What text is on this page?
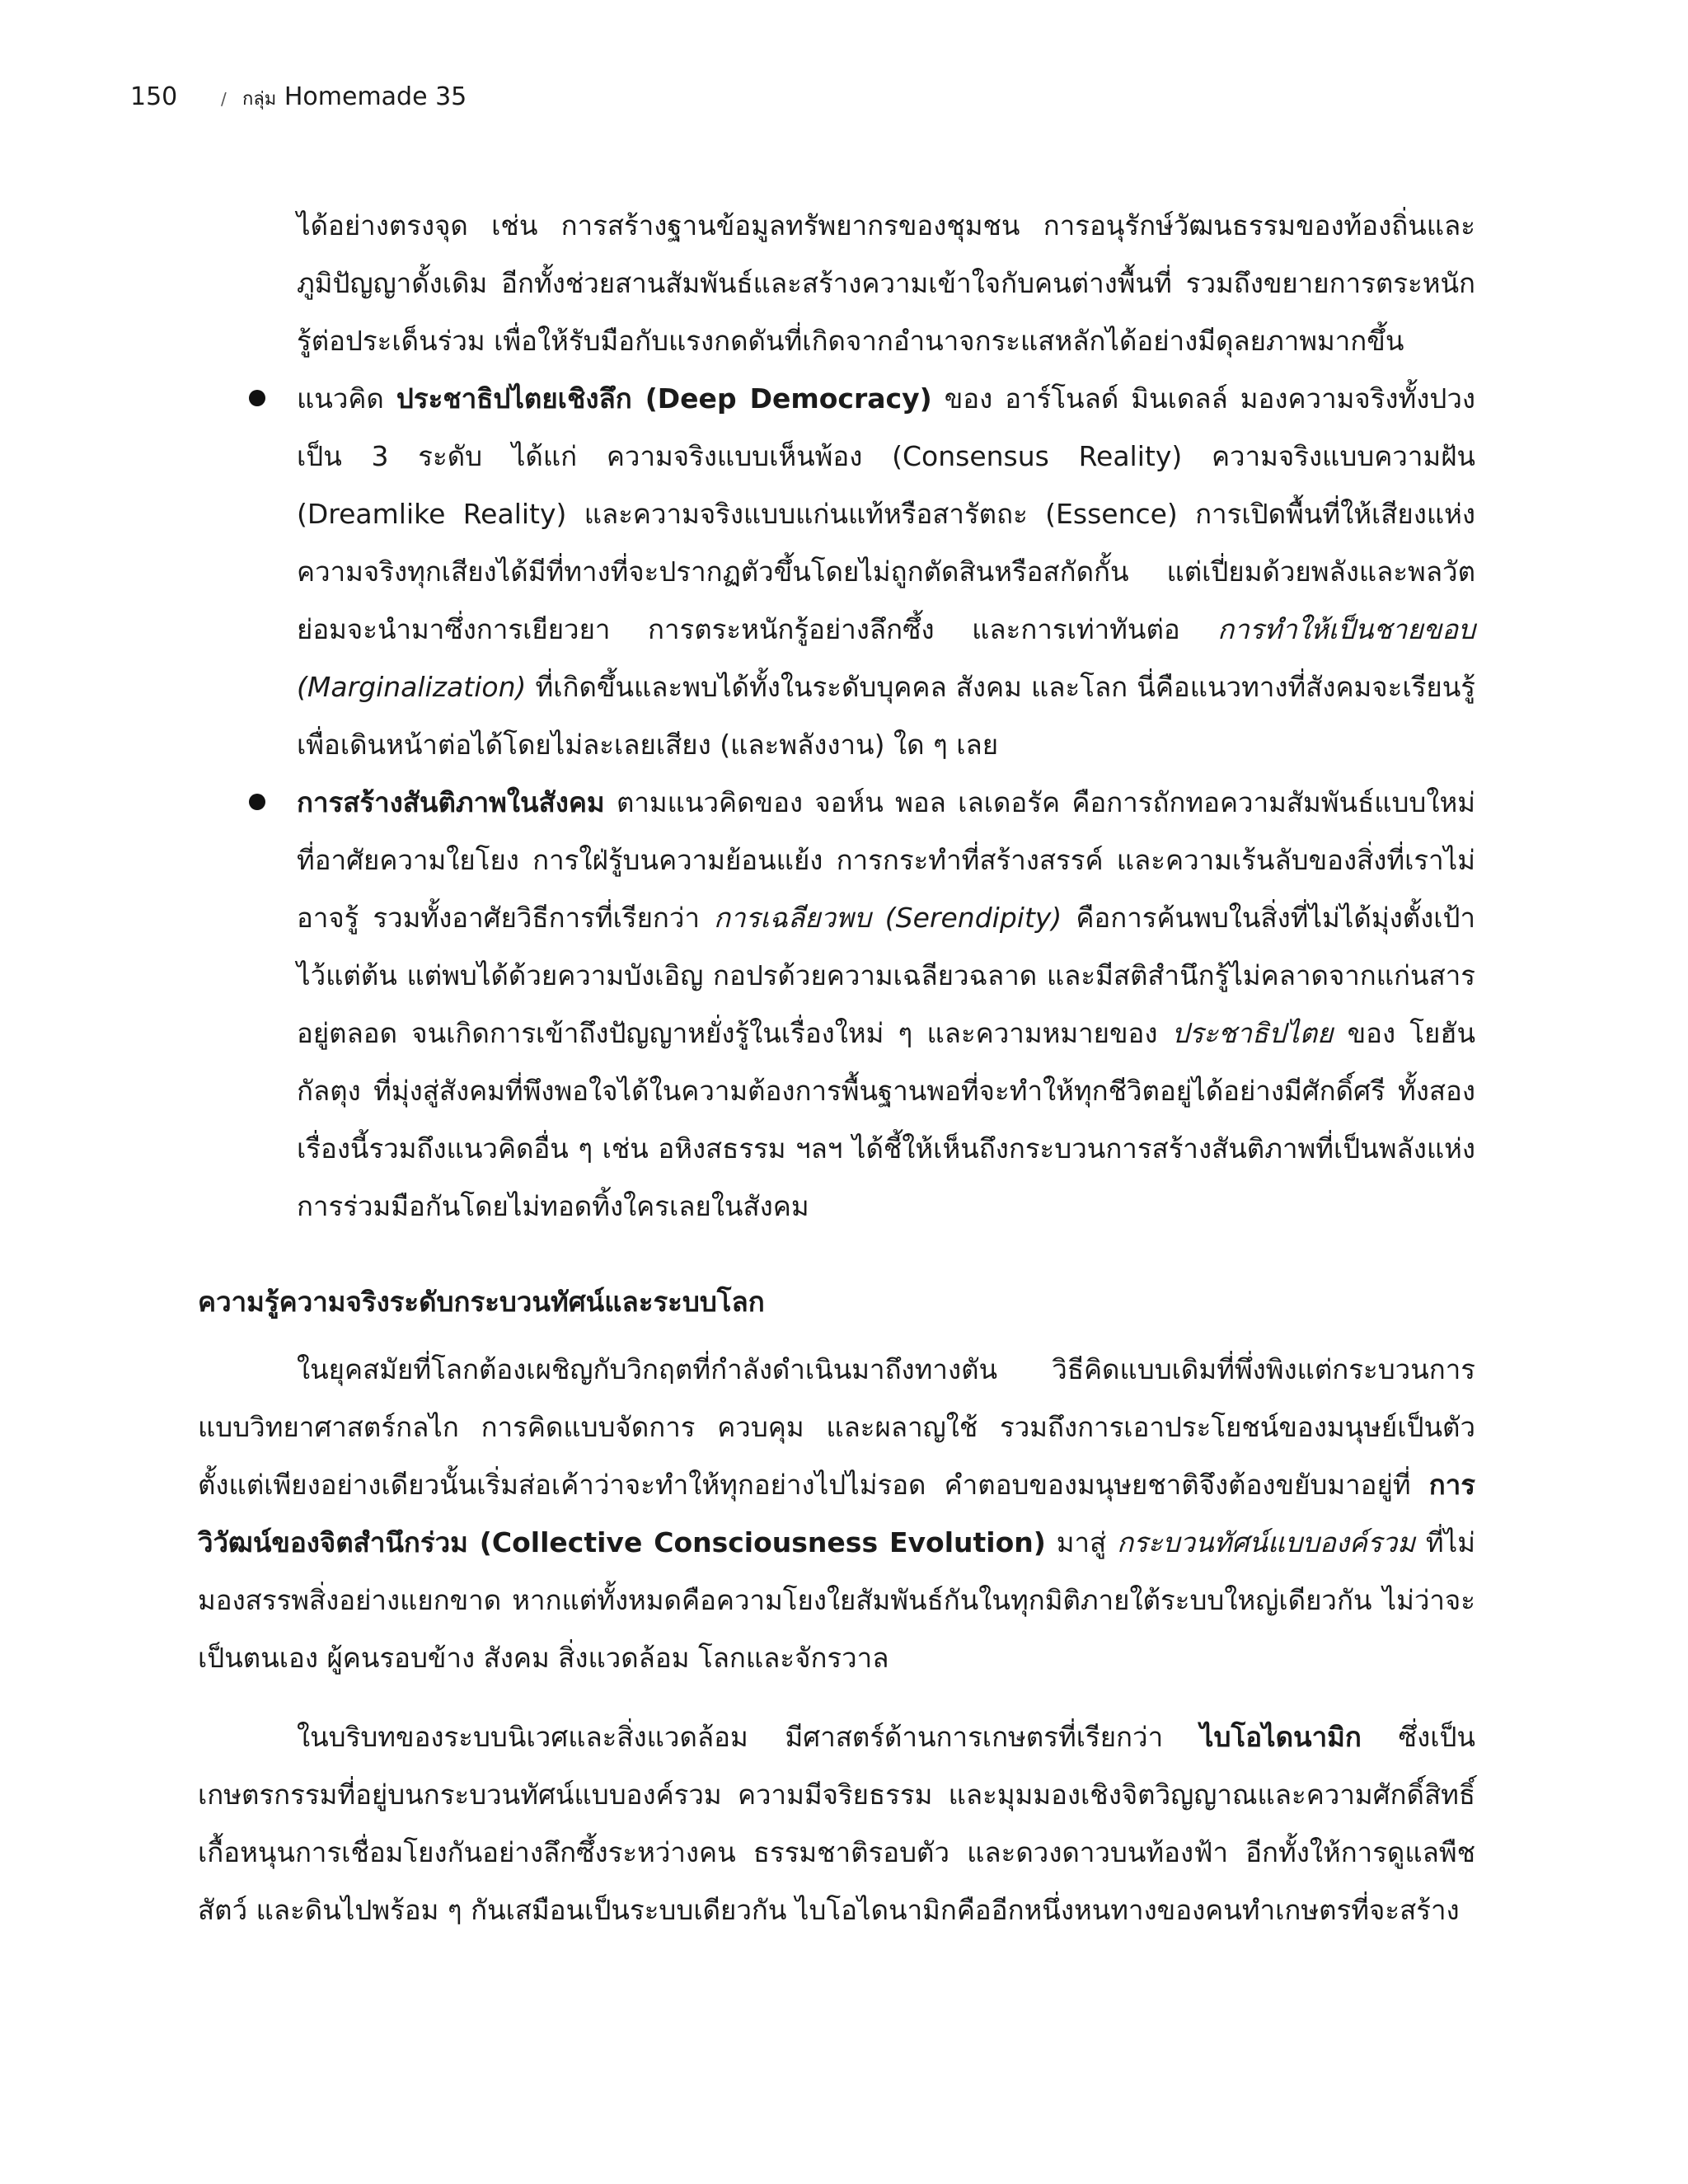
150	/ กลุ่ม Homemade 35

ได้อย่างตรงจุด เช่น การสร้างฐานข้อมูลทรัพยากรของชุมชน การอนุรักษ์วัฒนธรรมของท้องถิ่นและภูมิปัญญาดั้งเดิม อีกทั้งช่วยสานสัมพันธ์และสร้างความเข้าใจกับคนต่างพื้นที่ รวมถึงขยายการตระหนักรู้ต่อประเด็นร่วม เพื่อให้รับมือกับแรงกดดันที่เกิดจากอำนาจกระแสหลักได้อย่างมีดุลยภาพมากขึ้น

แนวคิด ประชาธิปไตยเชิงลึก (Deep Democracy) ของ อาร์โนลด์ มินเดลล์ มองความจริงทั้งปวงเป็น 3 ระดับ ได้แก่ ความจริงแบบเห็นพ้อง (Consensus Reality) ความจริงแบบความฝัน (Dreamlike Reality) และความจริงแบบแก่นแท้หรือสารัตถะ (Essence) การเปิดพื้นที่ให้เสียงแห่งความจริงทุกเสียงได้มีที่ทางที่จะปรากฏตัวขึ้นโดยไม่ถูกตัดสินหรือสกัดกั้น แต่เปี่ยมด้วยพลังและพลวัต ย่อมจะนำมาซึ่งการเยียวยา การตระหนักรู้อย่างลึกซึ้ง และการเท่าทันต่อ การทำให้เป็นชายขอบ (Marginalization) ที่เกิดขึ้นและพบได้ทั้งในระดับบุคคล สังคม และโลก นี่คือแนวทางที่สังคมจะเรียนรู้เพื่อเดินหน้าต่อได้โดยไม่ละเลยเสียง (และพลังงาน) ใด ๆ เลย
การสร้างสันติภาพในสังคม ตามแนวคิดของ จอห์น พอล เลเดอรัค คือการถักทอความสัมพันธ์แบบใหม่ที่อาศัยความใยโยง การใฝ่รู้บนความย้อนแย้ง การกระทำที่สร้างสรรค์ และความเร้นลับของสิ่งที่เราไม่อาจรู้ รวมทั้งอาศัยวิธีการที่เรียกว่า การเฉลียวพบ (Serendipity) คือการค้นพบในสิ่งที่ไม่ได้มุ่งตั้งเป้าไว้แต่ต้น แต่พบได้ด้วยความบังเอิญ กอปรด้วยความเฉลียวฉลาด และมีสติสำนึกรู้ไม่คลาดจากแก่นสารอยู่ตลอด จนเกิดการเข้าถึงปัญญาหยั่งรู้ในเรื่องใหม่ ๆ และความหมายของ ประชาธิปไตย ของ โยฮัน กัลตุง ที่มุ่งสู่สังคมที่พึงพอใจได้ในความต้องการพื้นฐานพอที่จะทำให้ทุกชีวิตอยู่ได้อย่างมีศักดิ์ศรี ทั้งสองเรื่องนี้รวมถึงแนวคิดอื่น ๆ เช่น อหิงสธรรม ฯลฯ ได้ชี้ให้เห็นถึงกระบวนการสร้างสันติภาพที่เป็นพลังแห่งการร่วมมือกันโดยไม่ทอดทิ้งใครเลยในสังคม
ความรู้ความจริงระดับกระบวนทัศน์และระบบโลก

ในยุคสมัยที่โลกต้องเผชิญกับวิกฤตที่กำลังดำเนินมาถึงทางตัน วิธีคิดแบบเดิมที่พึ่งพิงแต่กระบวนการแบบวิทยาศาสตร์กลไก การคิดแบบจัดการ ควบคุม และผลาญใช้ รวมถึงการเอาประโยชน์ของมนุษย์เป็นตัวตั้งแต่เพียงอย่างเดียวนั้นเริ่มส่อเค้าว่าจะทำให้ทุกอย่างไปไม่รอด คำตอบของมนุษยชาติจึงต้องขยับมาอยู่ที่ การวิวัฒน์ของจิตสำนึกร่วม (Collective Consciousness Evolution) มาสู่ กระบวนทัศน์แบบองค์รวม ที่ไม่มองสรรพสิ่งอย่างแยกขาด หากแต่ทั้งหมดคือความโยงใยสัมพันธ์กันในทุกมิติภายใต้ระบบใหญ่เดียวกัน ไม่ว่าจะเป็นตนเอง ผู้คนรอบข้าง สังคม สิ่งแวดล้อม โลกและจักรวาล

ในบริบทของระบบนิเวศและสิ่งแวดล้อม มีศาสตร์ด้านการเกษตรที่เรียกว่า ไบโอไดนามิก ซึ่งเป็นเกษตรกรรมที่อยู่บนกระบวนทัศน์แบบองค์รวม ความมีจริยธรรม และมุมมองเชิงจิตวิญญาณและความศักดิ์สิทธิ์เกื้อหนุนการเชื่อมโยงกันอย่างลึกซึ้งระหว่างคน ธรรมชาติรอบตัว และดวงดาวบนท้องฟ้า อีกทั้งให้การดูแลพืช สัตว์ และดินไปพร้อม ๆ กันเสมือนเป็นระบบเดียวกัน ไบโอไดนามิกคืออีกหนึ่งหนทางของคนทำเกษตรที่จะสร้าง
